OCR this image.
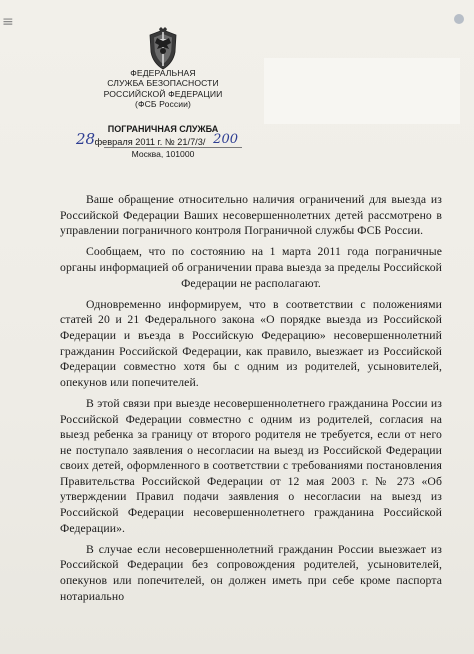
≡
ФЕДЕРАЛЬНАЯ
СЛУЖБА БЕЗОПАСНОСТИ
РОССИЙСКОЙ ФЕДЕРАЦИИ
(ФСБ России)
ПОГРАНИЧНАЯ СЛУЖБА
28 февраля 2011 г. № 21/7/3/ 200
Москва, 101000

Ваше обращение относительно наличия ограничений для выезда из Российской Федерации Ваших несовершеннолетних детей рассмотрено в управлении пограничного контроля Пограничной службы ФСБ России.

Сообщаем, что по состоянию на 1 марта 2011 года пограничные органы информацией об ограничении права выезда за пределы Российской Федерации не располагают.

Одновременно информируем, что в соответствии с положениями статей 20 и 21 Федерального закона «О порядке выезда из Российской Федерации и въезда в Российскую Федерацию» несовершеннолетний гражданин Российской Федерации, как правило, выезжает из Российской Федерации совместно хотя бы с одним из родителей, усыновителей, опекунов или попечителей.

В этой связи при выезде несовершеннолетнего гражданина России из Российской Федерации совместно с одним из родителей, согласия на выезд ребенка за границу от второго родителя не требуется, если от него не поступало заявления о несогласии на выезд из Российской Федерации своих детей, оформленного в соответствии с требованиями постановления Правительства Российской Федерации от 12 мая 2003 г. № 273 «Об утверждении Правил подачи заявления о несогласии на выезд из Российской Федерации несовершеннолетнего гражданина Российской Федерации».

В случае если несовершеннолетний гражданин России выезжает из Российской Федерации без сопровождения родителей, усыновителей, опекунов или попечителей, он должен иметь при себе кроме паспорта нотариально
